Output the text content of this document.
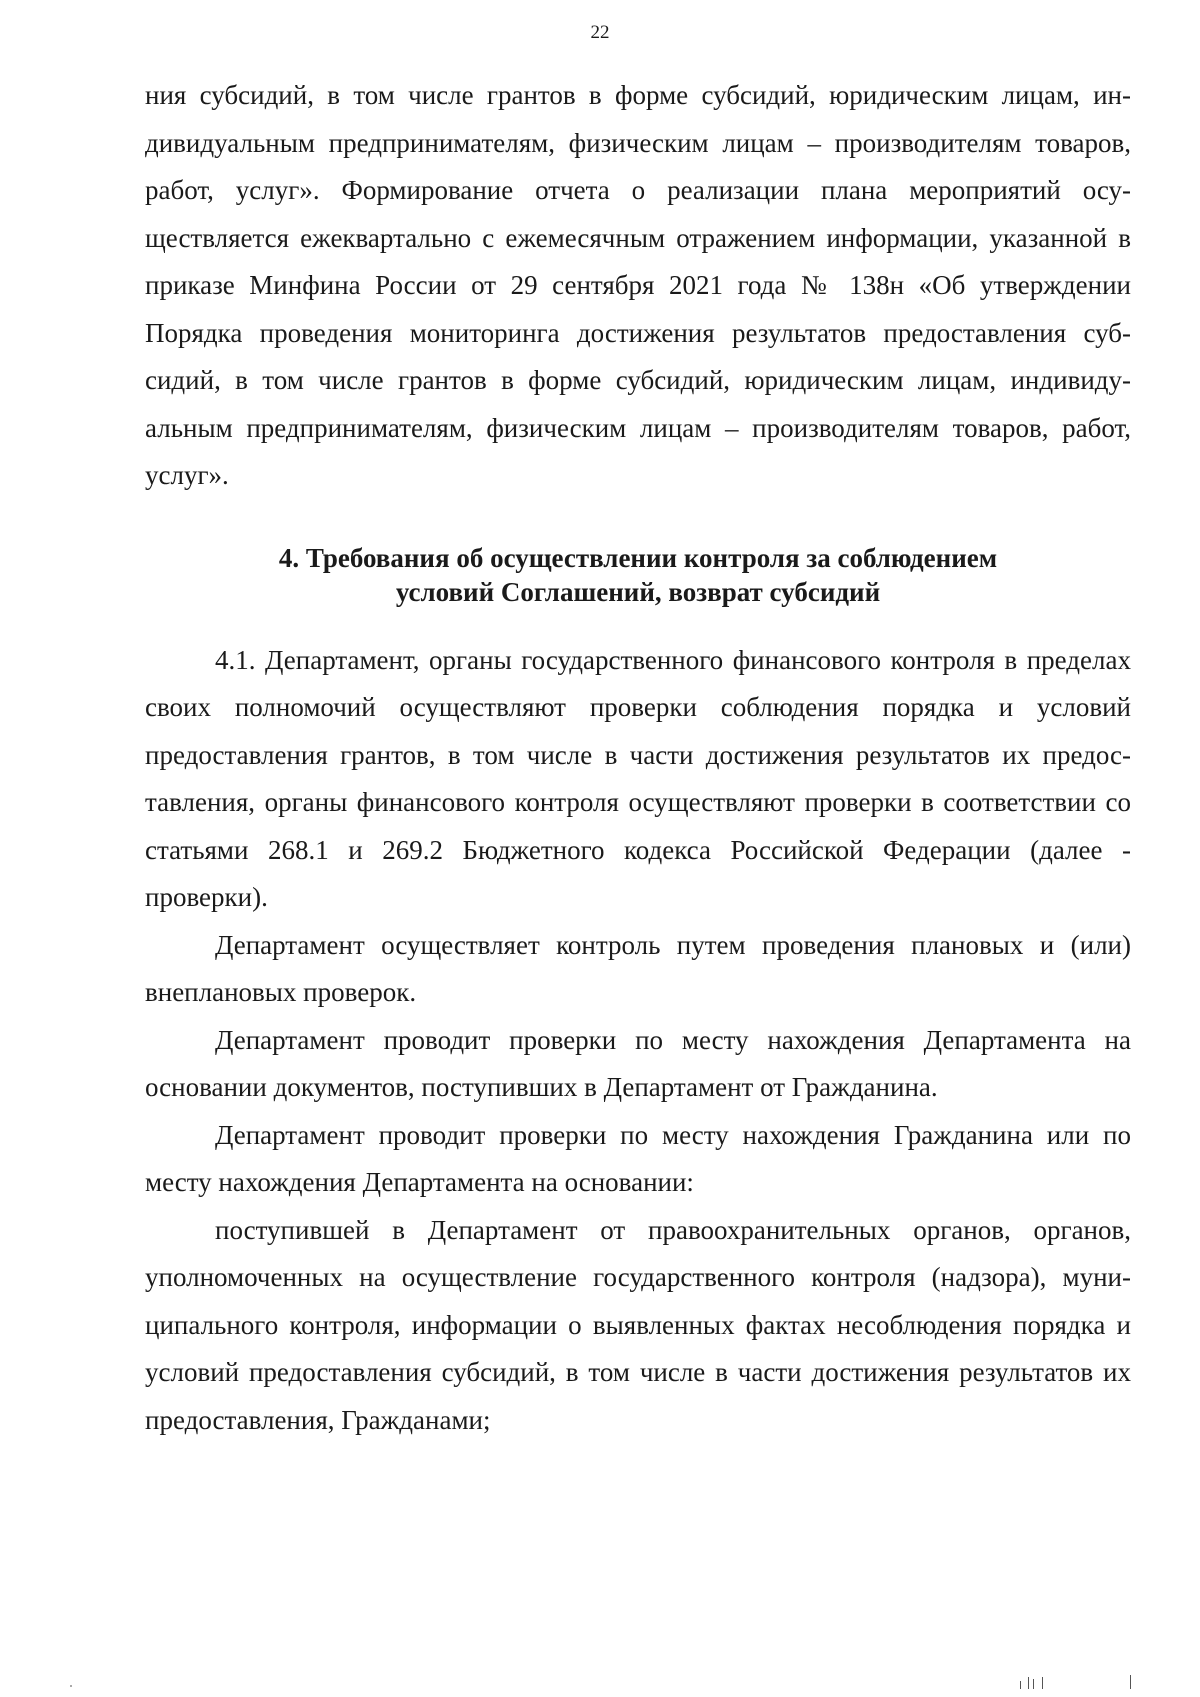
22

ния субсидий, в том числе грантов в форме субсидий, юридическим лицам, индивидуальным предпринимателям, физическим лицам – производителям товаров, работ, услуг». Формирование отчета о реализации плана мероприятий осуществляется ежеквартально с ежемесячным отражением информации, указанной в приказе Минфина России от 29 сентября 2021 года № 138н «Об утверждении Порядка проведения мониторинга достижения результатов предоставления субсидий, в том числе грантов в форме субсидий, юридическим лицам, индивидуальным предпринимателям, физическим лицам – производителям товаров, работ, услуг».

4. Требования об осуществлении контроля за соблюдением
условий Соглашений, возврат субсидий

4.1. Департамент, органы государственного финансового контроля в пределах своих полномочий осуществляют проверки соблюдения порядка и условий предоставления грантов, в том числе в части достижения результатов их предоставления, органы финансового контроля осуществляют проверки в соответствии со статьями 268.1 и 269.2 Бюджетного кодекса Российской Федерации (далее - проверки).

Департамент осуществляет контроль путем проведения плановых и (или) внеплановых проверок.

Департамент проводит проверки по месту нахождения Департамента на основании документов, поступивших в Департамент от Гражданина.

Департамент проводит проверки по месту нахождения Гражданина или по месту нахождения Департамента на основании:

поступившей в Департамент от правоохранительных органов, органов, уполномоченных на осуществление государственного контроля (надзора), муниципального контроля, информации о выявленных фактах несоблюдения порядка и условий предоставления субсидий, в том числе в части достижения результатов их предоставления, Гражданами;
